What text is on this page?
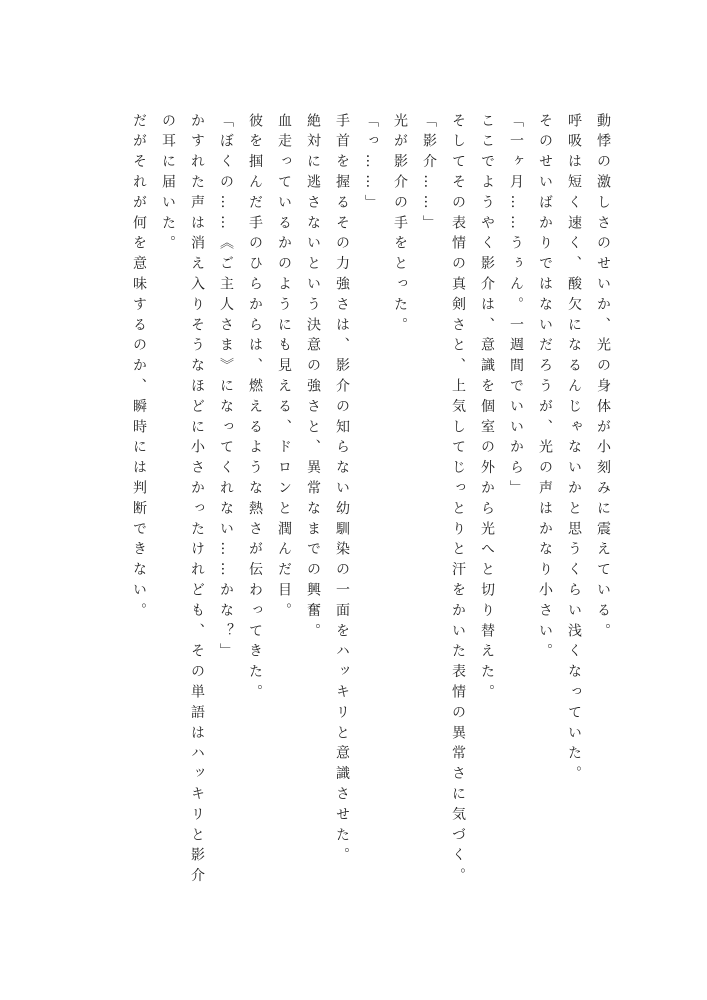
動悸の激しさのせいか、光の身体が小刻みに震えている。

呼吸は短く速く、酸欠になるんじゃないかと思うくらい浅くなっていた。

そのせいばかりではないだろうが、光の声はかなり小さい。

「一ヶ月……うぅん。一週間でいいから」

ここでようやく影介は、意識を個室の外から光へと切り替えた。

そしてその表情の真剣さと、上気してじっとりと汗をかいた表情の異常さに気づく。

「影介……」

光が影介の手をとった。

「っ……」

手首を握るその力強さは、影介の知らない幼馴染の一面をハッキリと意識させた。

絶対に逃さないという決意の強さと、異常なまでの興奮。

血走っているかのようにも見える、ドロンと潤んだ目。

彼を掴んだ手のひらからは、燃えるような熱さが伝わってきた。

「ぼくの……《ご主人さま》になってくれない……かな？」

かすれた声は消え入りそうなほどに小さかったけれども、その単語はハッキリと影介の耳に届いた。

だがそれが何を意味するのか、瞬時には判断できない。
